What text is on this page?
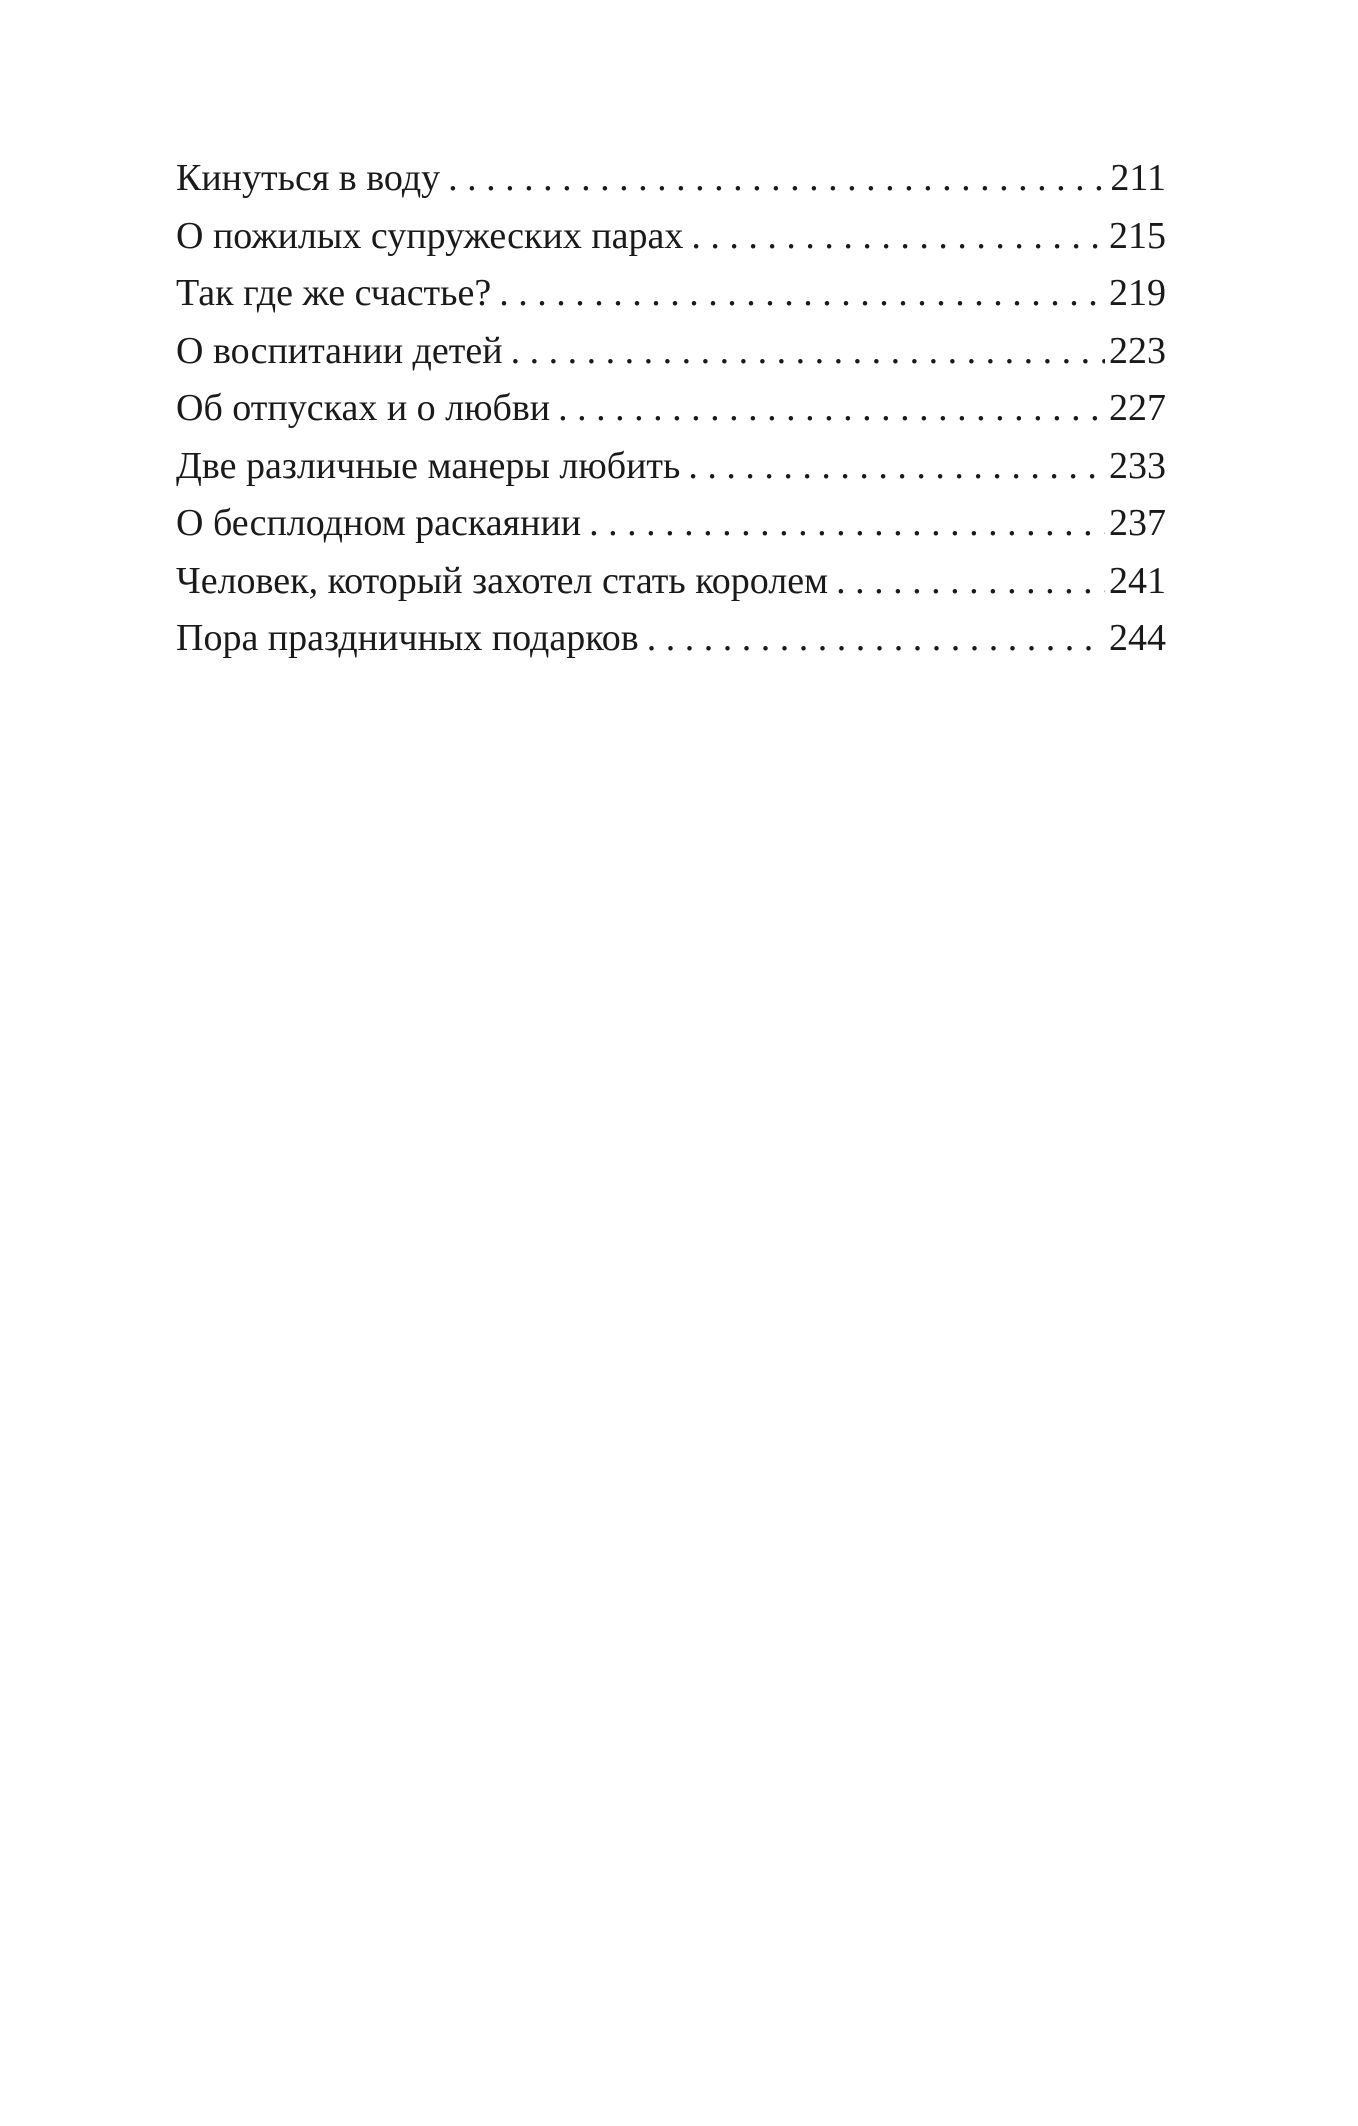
Кинуться в воду . . .	211
О пожилых супружеских парах . . .	215
Так где же счастье? . . .	219
О воспитании детей . . .	223
Об отпусках и о любви . . .	227
Две различные манеры любить . . .	233
О бесплодном раскаянии . . .	237
Человек, который захотел стать королем . . .	241
Пора праздничных подарков . . .	244
